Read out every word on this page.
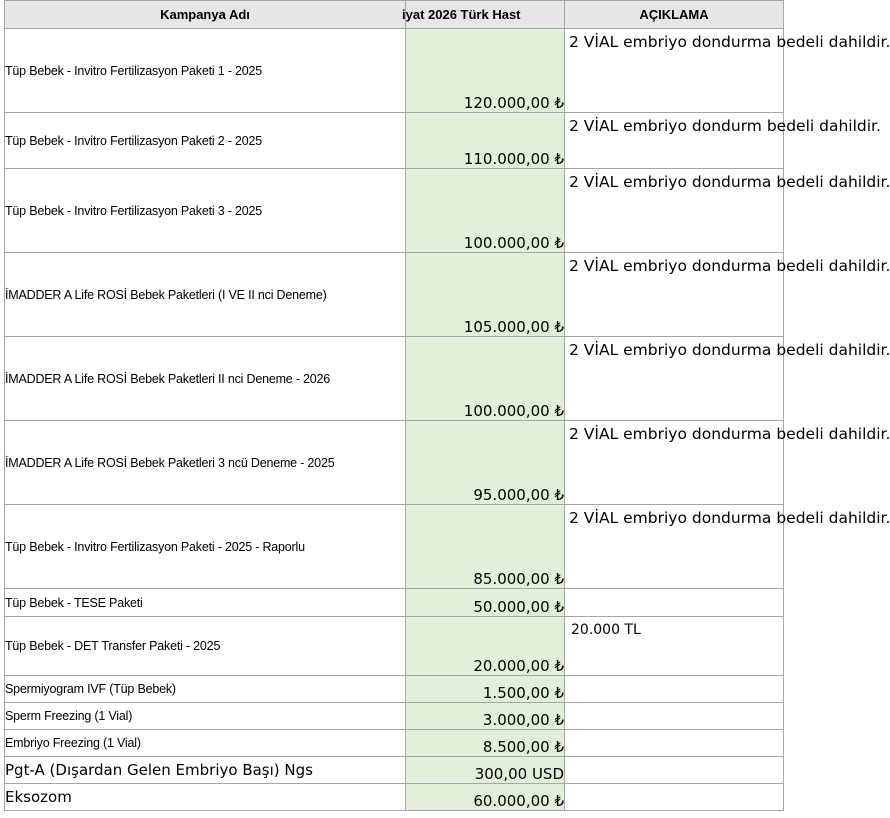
Kampanya Adı	iyat 2026 Türk Hast	AÇIKLAMA
Tüp Bebek - Invitro Fertilizasyon Paketi 1 - 2025	120.000,00 ₺	2 VİAL embriyo dondurma bedeli dahildir.
Tüp Bebek - Invitro Fertilizasyon Paketi 2 - 2025	110.000,00 ₺	2 VİAL embriyo dondurm bedeli dahildir.
Tüp Bebek - Invitro Fertilizasyon Paketi 3 - 2025	100.000,00 ₺	2 VİAL embriyo dondurma bedeli dahildir.
İMADDER A Life ROSİ Bebek Paketleri (I VE II nci Deneme)	105.000,00 ₺	2 VİAL embriyo dondurma bedeli dahildir.
İMADDER A Life ROSİ Bebek Paketleri II nci Deneme - 2026	100.000,00 ₺	2 VİAL embriyo dondurma bedeli dahildir.
İMADDER A Life ROSİ Bebek Paketleri 3 ncü Deneme - 2025	95.000,00 ₺	2 VİAL embriyo dondurma bedeli dahildir.
Tüp Bebek - Invitro Fertilizasyon Paketi - 2025 - Raporlu	85.000,00 ₺	2 VİAL embriyo dondurma bedeli dahildir.
Tüp Bebek - TESE Paketi	50.000,00 ₺	
Tüp Bebek - DET Transfer Paketi - 2025	20.000,00 ₺	20.000 TL
Spermiyogram IVF (Tüp Bebek)	1.500,00 ₺	
Sperm Freezing (1 Vial)	3.000,00 ₺	
Embriyo Freezing (1 Vial)	8.500,00 ₺	
Pgt-A (Dışardan Gelen Embriyo Başı) Ngs	300,00 USD	
Eksozom	60.000,00 ₺	
